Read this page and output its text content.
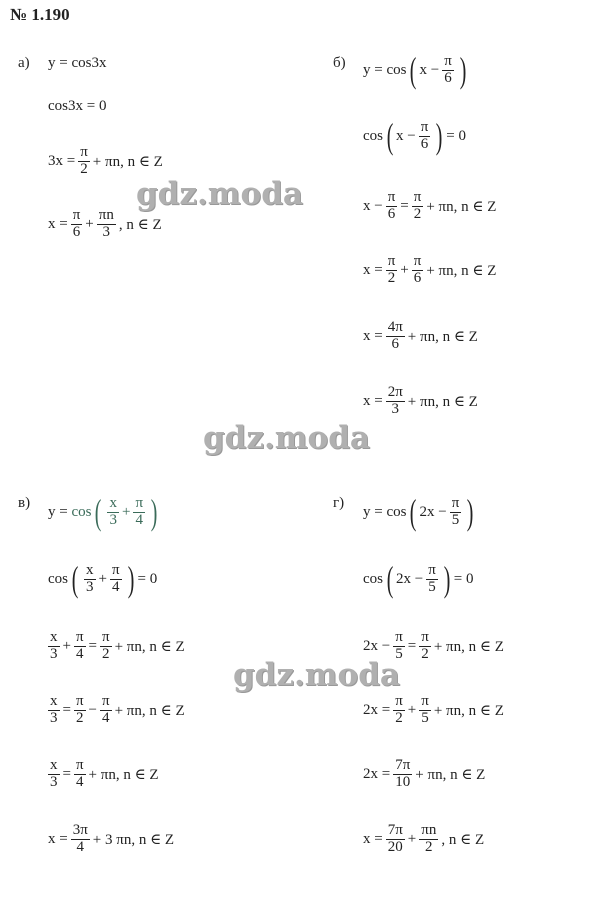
№ 1.190
а) y = cos3x
cos3x = 0
$3x = \frac{\pi}{2} + \pi n$, n ∈ Z
$x = \frac{\pi}{6} + \frac{\pi n}{3}$ , n ∈ Z
б) y = cos ( $x - \frac{\pi}{6}$ )
cos ( $x - \frac{\pi}{6}$ ) = 0
$x - \frac{\pi}{6} = \frac{\pi}{2} + \pi n$, n ∈ Z
$x = \frac{\pi}{2} + \frac{\pi}{6} + \pi n$, n ∈ Z
$x = \frac{4\pi}{6} + \pi n$, n ∈ Z
$x = \frac{2\pi}{3} + \pi n$, n ∈ Z
в)
y =
cos ( $\frac{x}{3} + \frac{\pi}{4}$ )
cos ( $\frac{x}{3} + \frac{\pi}{4}$ ) = 0
$\frac{x}{3} + \frac{\pi}{4} = \frac{\pi}{2} + \pi n$, n ∈ Z
$\frac{x}{3} = \frac{\pi}{2} - \frac{\pi}{4} + \pi n$, n ∈ Z
$\frac{x}{3} = \frac{\pi}{4} + \pi n$, n ∈ Z
$x = \frac{3\pi}{4} + 3$ πn, n ∈ Z
г)
y = cos ( $2x - \frac{\pi}{5}$ )
cos ( $2x - \frac{\pi}{5}$ ) = 0
$2x - \frac{\pi}{5} = \frac{\pi}{2} + \pi n$, n ∈ Z
$2x = \frac{\pi}{2} + \frac{\pi}{5} + \pi n$, n ∈ Z
$2x = \frac{7\pi}{10} + \pi n$, n ∈ Z
$x = \frac{7\pi}{20} + \frac{\pi n}{2}$ , n ∈ Z
gdz.moda
gdz.moda
gdz.moda
